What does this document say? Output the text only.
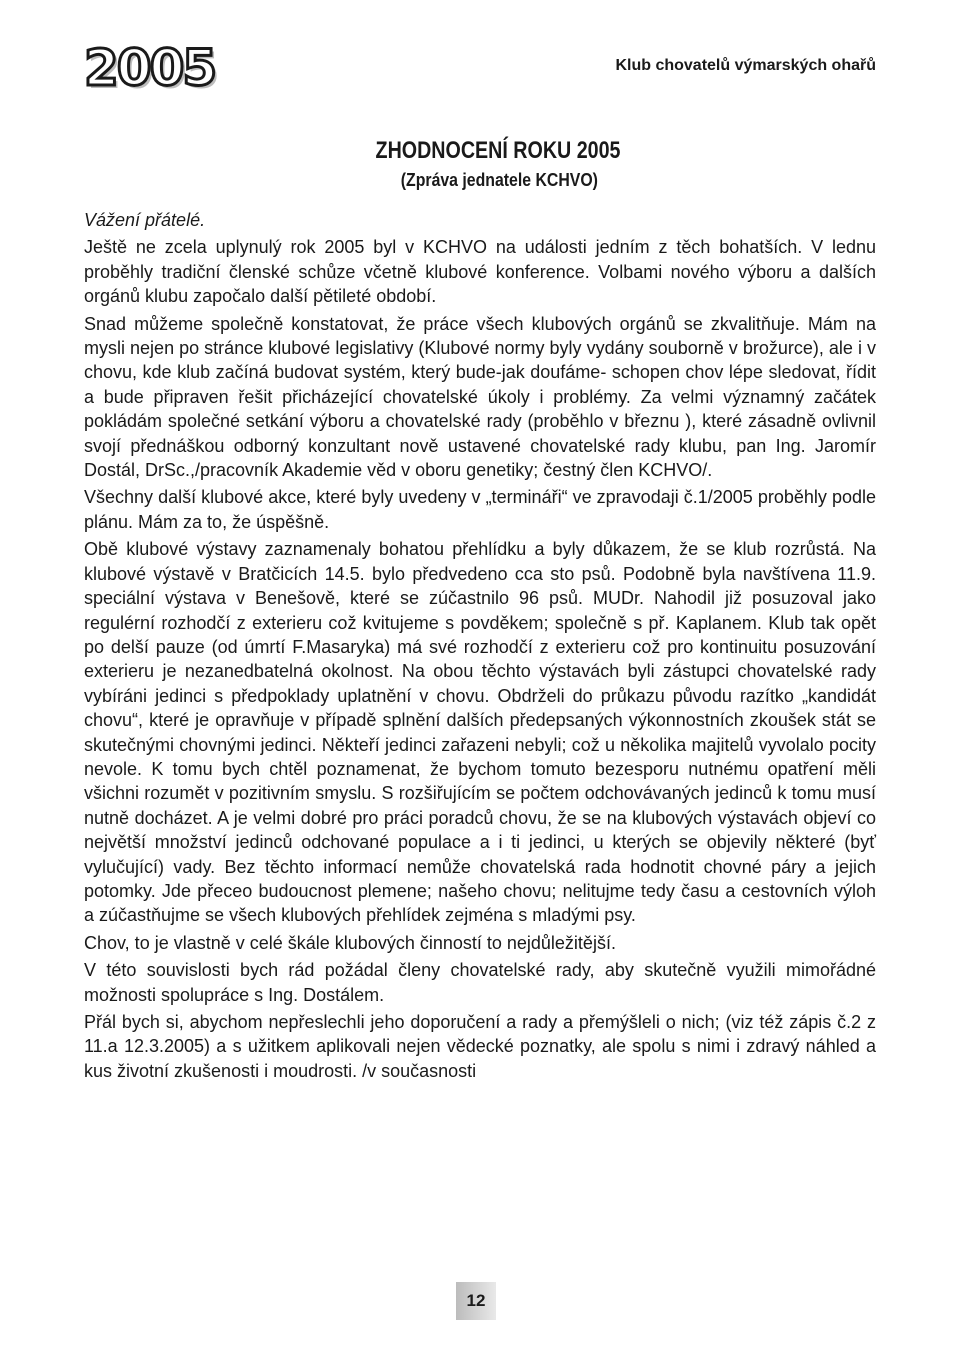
2005	Klub chovatelů výmarských ohařů
ZHODNOCENÍ ROKU 2005
(Zpráva jednatele KCHVO)

Vážení přátelé.

Ještě ne zcela uplynulý rok 2005 byl v KCHVO na události jedním z těch bohatších. V lednu proběhly tradiční členské schůze včetně klubové konference. Volbami nového výboru a dalších orgánů klubu započalo další pětileté období.

Snad můžeme společně konstatovat, že práce všech klubových orgánů se zkvalitňuje. Mám na mysli nejen po stránce klubové legislativy (Klubové normy byly vydány souborně v brožurce), ale i v chovu, kde klub začíná budovat systém, který bude-jak doufáme- schopen chov lépe sledovat, řídit a bude připraven řešit přicházející chovatelské úkoly i problémy. Za velmi významný začátek pokládám společné setkání výboru a chovatelské rady (proběhlo v březnu ), které zásadně ovlivnil svojí přednáškou odborný konzultant nově ustavené chovatelské rady klubu, pan Ing. Jaromír Dostál, DrSc.,/pracovník Akademie věd v oboru genetiky; čestný člen KCHVO/.

Všechny další klubové akce, které byly uvedeny v „termináři“ ve zpravodaji č.1/2005 proběhly podle plánu. Mám za to, že úspěšně.

Obě klubové výstavy zaznamenaly bohatou přehlídku a byly důkazem, že se klub rozrůstá. Na klubové výstavě v Bratčicích 14.5. bylo předvedeno cca sto psů. Podobně byla navštívena 11.9. speciální výstava v Benešově, které se zúčastnilo 96 psů. MUDr. Nahodil již posuzoval jako regulérní rozhodčí z exterieru což kvitujeme s povděkem; společně s př. Kaplanem. Klub tak opět po delší pauze (od úmrtí F.Masaryka) má své rozhodčí z exterieru což pro kontinuitu posuzování exterieru je nezanedbatelná okolnost. Na obou těchto výstavách byli zástupci chovatelské rady vybíráni jedinci s předpoklady uplatnění v chovu. Obdrželi do průkazu původu razítko „kandidát chovu“, které je opravňuje v případě splnění dalších předepsaných výkonnostních zkoušek stát se skutečnými chovnými jedinci. Někteří jedinci zařazeni nebyli; což u několika majitelů vyvolalo pocity nevole. K tomu bych chtěl poznamenat, že bychom tomuto bezesporu nutnému opatření měli všichni rozumět v pozitivním smyslu. S rozšiřujícím se počtem odchovávaných jedinců k tomu musí nutně docházet. A je velmi dobré pro práci poradců chovu, že se na klubových výstavách objeví co největší množství jedinců odchované populace a i ti jedinci, u kterých se objevily některé (byť vylučující) vady. Bez těchto informací nemůže chovatelská rada hodnotit chovné páry a jejich potomky. Jde přeceo budoucnost plemene; našeho chovu; nelitujme tedy času a cestovních výloh a zúčastňujme se všech klubových přehlídek zejména s mladými psy.

Chov, to je vlastně v celé škále klubových činností to nejdůležitější.

V této souvislosti bych rád požádal členy chovatelské rady, aby skutečně využili mimořádné možnosti spolupráce s Ing. Dostálem.

Přál bych si, abychom nepřeslechli jeho doporučení a rady a přemýšleli o nich; (viz též zápis č.2 z 11.a 12.3.2005) a s užitkem aplikovali nejen vědecké poznatky, ale spolu s nimi i zdravý náhled a kus životní zkušenosti i moudrosti. /v současnosti

12
